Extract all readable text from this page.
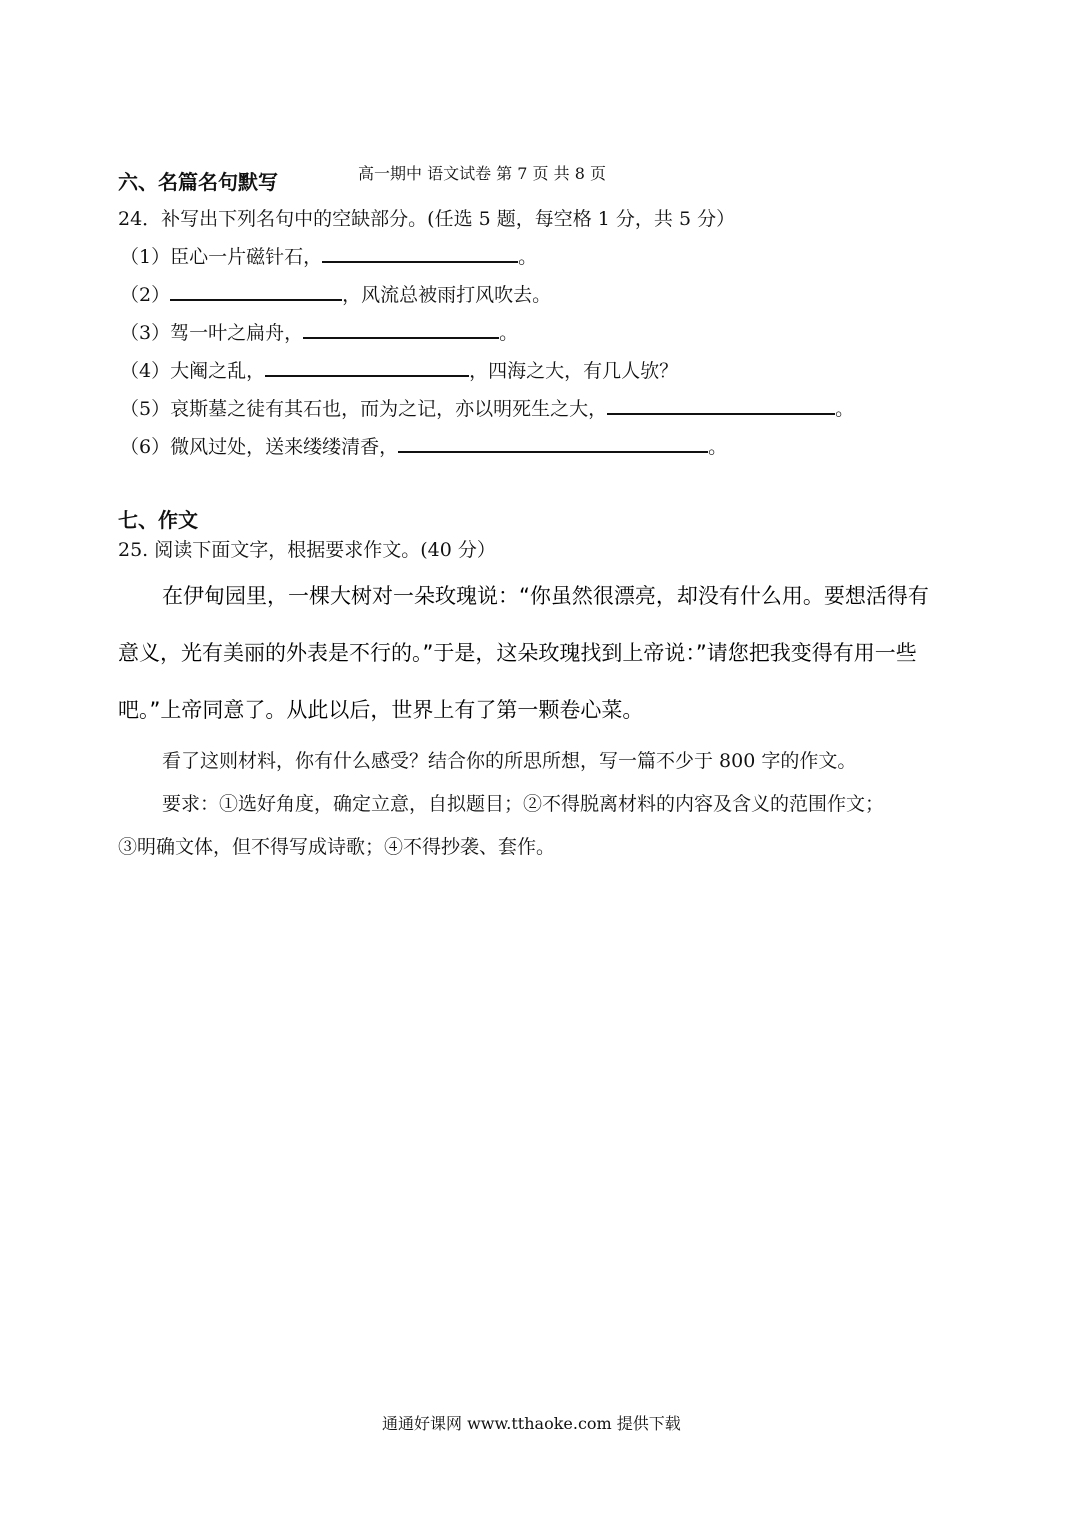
六、名篇名句默写	高一期中 语文试卷 第 7 页 共 8 页
24．补写出下列名句中的空缺部分。(任选 5 题，每空格 1 分，共 5 分）
（1）臣心一片磁针石，	。
（2）	，风流总被雨打风吹去。
（3）驾一叶之扁舟，	。
（4）大阉之乱，	，四海之大，有几人欤？
（5）哀斯墓之徒有其石也，而为之记，亦以明死生之大，	。
（6）微风过处，送来缕缕清香，	。
七、作文
25. 阅读下面文字，根据要求作文。(40 分）
在伊甸园里，一棵大树对一朵玫瑰说：“你虽然很漂亮，却没有什么用。要想活得有
意义，光有美丽的外表是不行的。”于是，这朵玫瑰找到上帝说：”请您把我变得有用一些
吧。”上帝同意了。从此以后，世界上有了第一颗卷心菜。
看了这则材料，你有什么感受？结合你的所思所想，写一篇不少于 800 字的作文。
要求：①选好角度，确定立意，自拟题目；②不得脱离材料的内容及含义的范围作文；
③明确文体，但不得写成诗歌；④不得抄袭、套作。
通通好课网 www.tthaoke.com 提供下载
